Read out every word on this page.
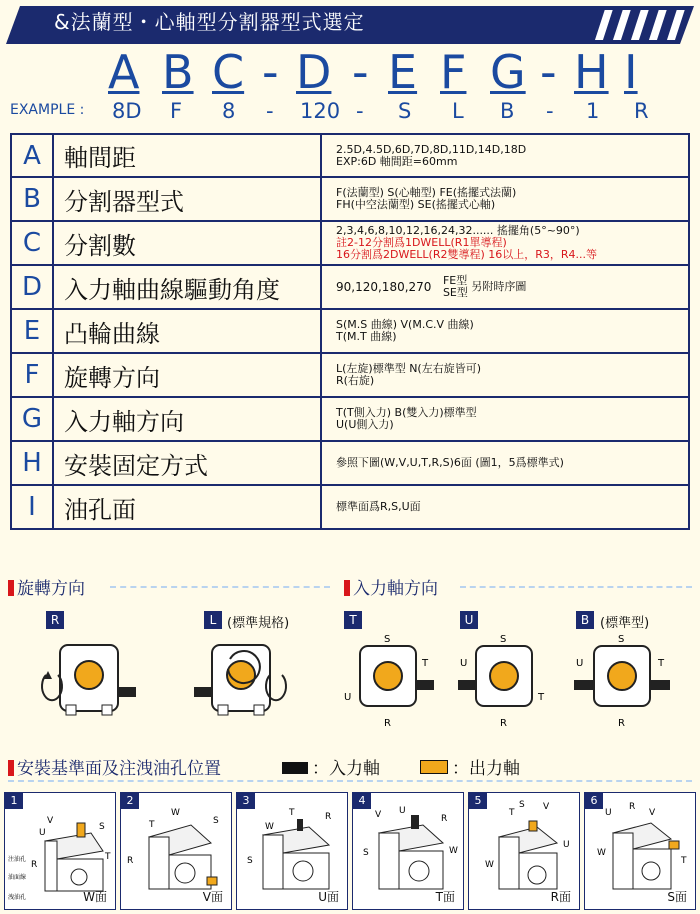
&法蘭型・心軸型分割器型式選定
A B C - D - E F G - H I
EXAMPLE : 8D F 8 - 120 - S L B - 1 R
A	軸間距	2.5D,4.5D,6D,7D,8D,11D,14D,18D
EXP:6D 軸間距=60mm

B	分割器型式	F(法蘭型) S(心軸型) FE(搖擺式法蘭)
FH(中空法蘭型) SE(搖擺式心軸)

C	分割數	2,3,4,6,8,10,12,16,24,32...... 搖擺角(5°~90°)
註2-12分割爲1DWELL(R1單導程)
16分割爲2DWELL(R2雙導程) 16以上，R3，R4...等

D	入力軸曲線驅動角度	90,120,180,270 FE型
SE型 另附時序圖
E	凸輪曲線	S(M.S 曲線) V(M.C.V 曲線)
T(M.T 曲線)

F	旋轉方向	L(左旋)標準型 N(左右旋皆可)
R(右旋)

G	入力軸方向	T(T側入力) B(雙入力)標準型
U(U側入力)

H	安裝固定方式	參照下圖(W,V,U,T,R,S)6面 (圖1，5爲標準式)

I	油孔面	標準面爲R,S,U面
旋轉方向	入力軸方向
R	L (標準規格)	T	U	B (標準型)
S
T
U
R
S
U
T
R
S
U	T
R
安裝基準面及注洩油孔位置	：入力軸	：出力軸
1
V
U
S
T
R
注油孔
油面線
洩油孔	W面
2
T
W
S
R
V面
3
W
T	R
S
U面
4
V U
R
S	W
T面
5
T
S V
U
W
R面
6
U
R
V
W
T
S面
